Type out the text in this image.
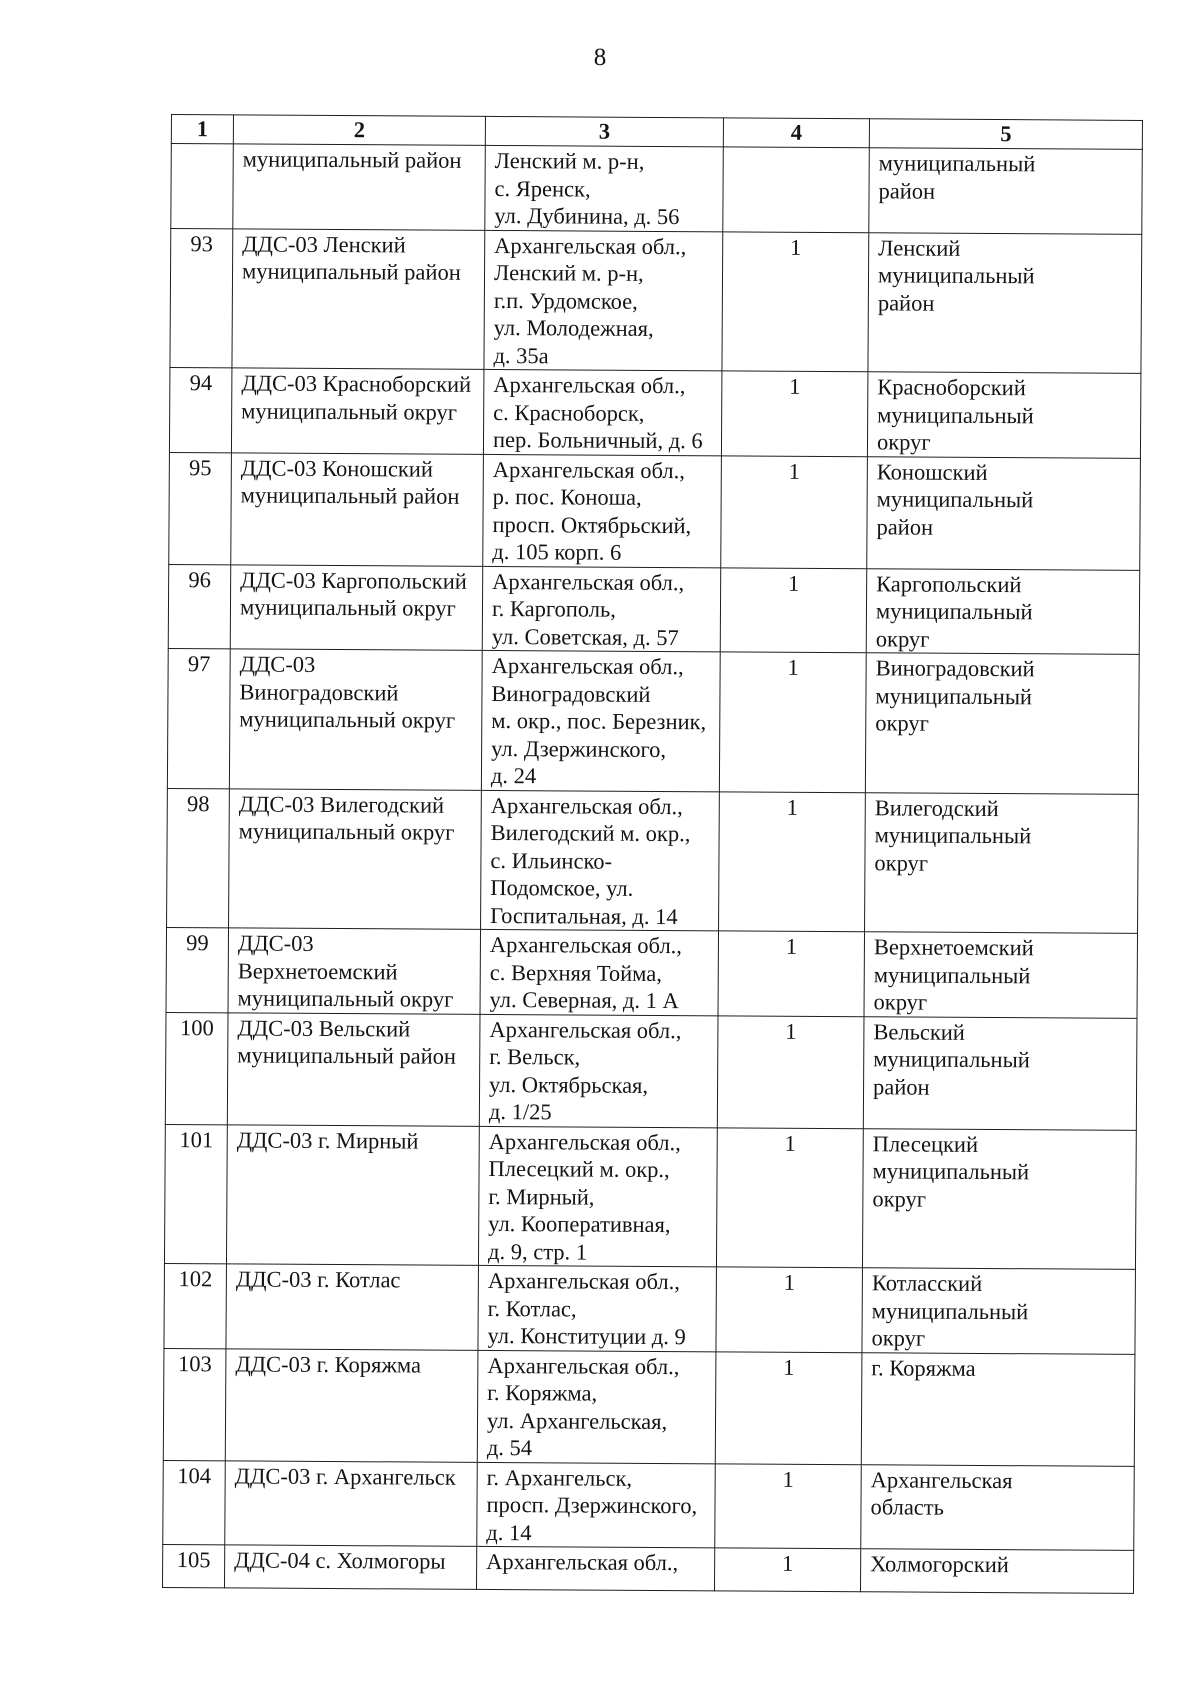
8
1	2	3	4	5

	муниципальный район	Ленский м. р-н,
с. Яренск,
ул. Дубинина, д. 56		муниципальный
район

93	ДДС-03 Ленский
муниципальный район	Архангельская обл.,
Ленский м. р-н,
г.п. Урдомское,
ул. Молодежная,
д. 35а	1	Ленский
муниципальный
район

94	ДДС-03 Красноборский
муниципальный округ	Архангельская обл.,
с. Красноборск,
пер. Больничный, д. 6	1	Красноборский
муниципальный
округ

95	ДДС-03 Коношский
муниципальный район	Архангельская обл.,
р. пос. Коноша,
просп. Октябрьский,
д. 105 корп. 6	1	Коношский
муниципальный
район

96	ДДС-03 Каргопольский
муниципальный округ	Архангельская обл.,
г. Каргополь,
ул. Советская, д. 57	1	Каргопольский
муниципальный
округ

97	ДДС-03
Виноградовский
муниципальный округ	Архангельская обл.,
Виноградовский
м. окр., пос. Березник,
ул. Дзержинского,
д. 24	1	Виноградовский
муниципальный
округ

98	ДДС-03 Вилегодский
муниципальный округ	Архангельская обл.,
Вилегодский м. окр.,
с. Ильинско-
Подомское, ул.
Госпитальная, д. 14	1	Вилегодский
муниципальный
округ

99	ДДС-03
Верхнетоемский
муниципальный округ	Архангельская обл.,
с. Верхняя Тойма,
ул. Северная, д. 1 А	1	Верхнетоемский
муниципальный
округ

100	ДДС-03 Вельский
муниципальный район	Архангельская обл.,
г. Вельск,
ул. Октябрьская,
д. 1/25	1	Вельский
муниципальный
район

101	ДДС-03 г. Мирный	Архангельская обл.,
Плесецкий м. окр.,
г. Мирный,
ул. Кооперативная,
д. 9, стр. 1	1	Плесецкий
муниципальный
округ

102	ДДС-03 г. Котлас	Архангельская обл.,
г. Котлас,
ул. Конституции д. 9	1	Котласский
муниципальный
округ

103	ДДС-03 г. Коряжма	Архангельская обл.,
г. Коряжма,
ул. Архангельская,
д. 54	1	г. Коряжма

104	ДДС-03 г. Архангельск	г. Архангельск,
просп. Дзержинского,
д. 14	1	Архангельская
область

105	ДДС-04 с. Холмогоры	Архангельская обл.,	1	Холмогорский
